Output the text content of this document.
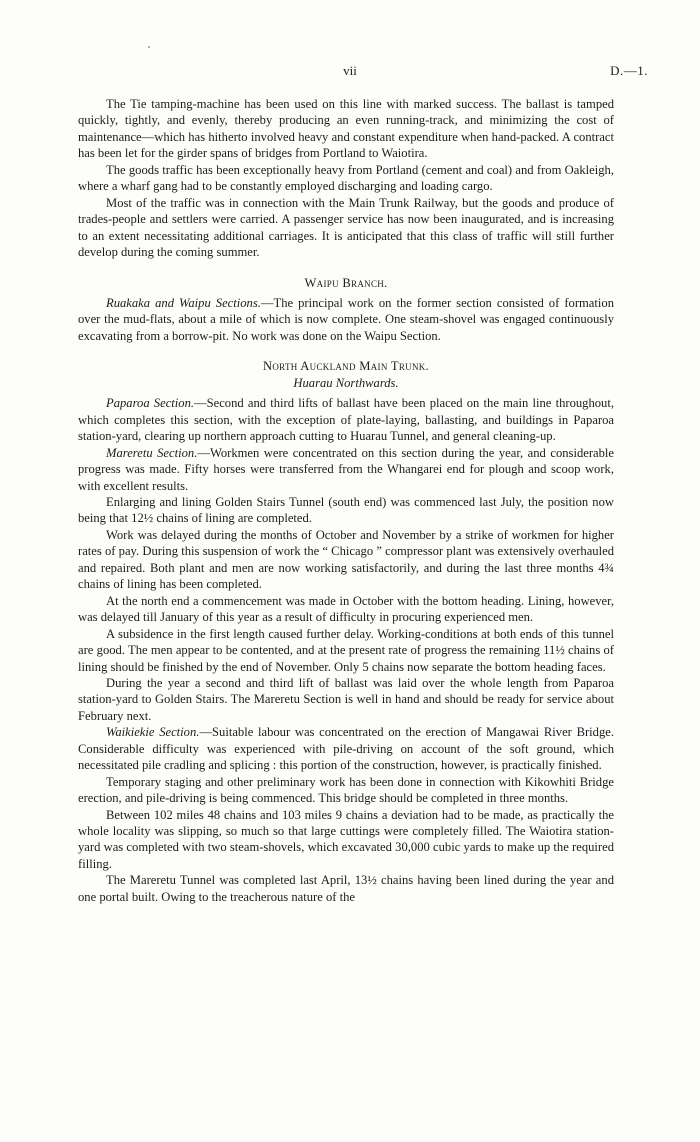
vii	D.—1.

The Tie tamping-machine has been used on this line with marked success. The ballast is tamped quickly, tightly, and evenly, thereby producing an even running-track, and minimizing the cost of maintenance—which has hitherto involved heavy and constant expenditure when hand-packed. A contract has been let for the girder spans of bridges from Portland to Waiotira.

The goods traffic has been exceptionally heavy from Portland (cement and coal) and from Oakleigh, where a wharf gang had to be constantly employed discharging and loading cargo.

Most of the traffic was in connection with the Main Trunk Railway, but the goods and produce of trades-people and settlers were carried. A passenger service has now been inaugurated, and is increasing to an extent necessitating additional carriages. It is anticipated that this class of traffic will still further develop during the coming summer.

Waipu Branch.

Ruakaka and Waipu Sections.—The principal work on the former section consisted of formation over the mud-flats, about a mile of which is now complete. One steam-shovel was engaged continuously excavating from a borrow-pit. No work was done on the Waipu Section.

North Auckland Main Trunk.

Huarau Northwards.

Paparoa Section.—Second and third lifts of ballast have been placed on the main line throughout, which completes this section, with the exception of plate-laying, ballasting, and buildings in Paparoa station-yard, clearing up northern approach cutting to Huarau Tunnel, and general cleaning-up.

Mareretu Section.—Workmen were concentrated on this section during the year, and considerable progress was made. Fifty horses were transferred from the Whangarei end for plough and scoop work, with excellent results.

Enlarging and lining Golden Stairs Tunnel (south end) was commenced last July, the position now being that 12½ chains of lining are completed.

Work was delayed during the months of October and November by a strike of workmen for higher rates of pay. During this suspension of work the “ Chicago ” compressor plant was extensively overhauled and repaired. Both plant and men are now working satisfactorily, and during the last three months 4¾ chains of lining has been completed.

At the north end a commencement was made in October with the bottom heading. Lining, however, was delayed till January of this year as a result of difficulty in procuring experienced men.

A subsidence in the first length caused further delay. Working-conditions at both ends of this tunnel are good. The men appear to be contented, and at the present rate of progress the remaining 11½ chains of lining should be finished by the end of November. Only 5 chains now separate the bottom heading faces.

During the year a second and third lift of ballast was laid over the whole length from Paparoa station-yard to Golden Stairs. The Mareretu Section is well in hand and should be ready for service about February next.

Waikiekie Section.—Suitable labour was concentrated on the erection of Mangawai River Bridge. Considerable difficulty was experienced with pile-driving on account of the soft ground, which necessitated pile cradling and splicing : this portion of the construction, however, is practically finished.

Temporary staging and other preliminary work has been done in connection with Kikowhiti Bridge erection, and pile-driving is being commenced. This bridge should be completed in three months.

Between 102 miles 48 chains and 103 miles 9 chains a deviation had to be made, as practically the whole locality was slipping, so much so that large cuttings were completely filled. The Waiotira station-yard was completed with two steam-shovels, which excavated 30,000 cubic yards to make up the required filling.

The Mareretu Tunnel was completed last April, 13½ chains having been lined during the year and one portal built. Owing to the treacherous nature of the
